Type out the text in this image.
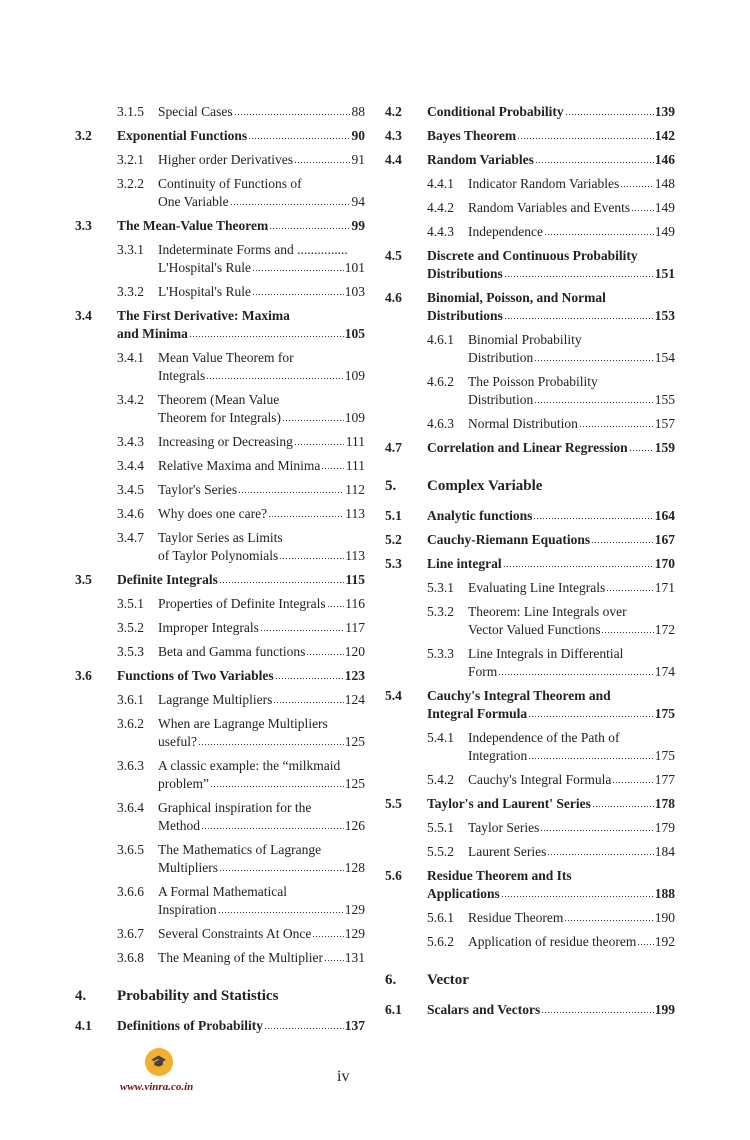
3.1.5 Special Cases	88
3.2 Exponential Functions	90
3.2.1 Higher order Derivatives	91
3.2.2 Continuity of Functions of
One Variable	94
3.3 The Mean-Value Theorem	99
3.3.1 Indeterminate Forms and ...............
L'Hospital's Rule	101
3.3.2 L'Hospital's Rule	103
3.4 The First Derivative: Maxima
and Minima	105
3.4.1 Mean Value Theorem for
Integrals	109
3.4.2 Theorem (Mean Value
Theorem for Integrals)	109
3.4.3 Increasing or Decreasing	111
3.4.4 Relative Maxima and Minima 111
3.4.5 Taylor's Series	112
3.4.6 Why does one care?	113
3.4.7 Taylor Series as Limits
of Taylor Polynomials	113
3.5 Definite Integrals	115
3.5.1 Properties of Definite Integrals 116
3.5.2 Improper Integrals	117
3.5.3 Beta and Gamma functions	120
3.6 Functions of Two Variables	123
3.6.1 Lagrange Multipliers	124
3.6.2 When are Lagrange Multipliers
useful?	125
3.6.3 A classic example: the “milkmaid
problem”	125
3.6.4 Graphical inspiration for the
Method	126
3.6.5 The Mathematics of Lagrange
Multipliers	128
3.6.6 A Formal Mathematical
Inspiration	129
3.6.7 Several Constraints At Once 129
3.6.8 The Meaning of the Multiplier 131
4. Probability and Statistics
4.1 Definitions of Probability	137
4.2 Conditional Probability	139
4.3 Bayes Theorem	142
4.4 Random Variables	146
4.4.1 Indicator Random Variables	148
4.4.2 Random Variables and Events 149
4.4.3 Independence	149
4.5 Discrete and Continuous Probability
Distributions	151
4.6 Binomial, Poisson, and Normal
Distributions	153
4.6.1 Binomial Probability
Distribution	154
4.6.2 The Poisson Probability
Distribution	155
4.6.3 Normal Distribution	157
4.7 Correlation and Linear Regression 159
5. Complex Variable
5.1 Analytic functions	164
5.2 Cauchy-Riemann Equations	167
5.3 Line integral	170
5.3.1 Evaluating Line Integrals	171
5.3.2 Theorem: Line Integrals over
Vector Valued Functions	172
5.3.3 Line Integrals in Differential
Form	174
5.4 Cauchy's Integral Theorem and
Integral Formula	175
5.4.1 Independence of the Path of
Integration	175
5.4.2 Cauchy's Integral Formula	177
5.5 Taylor's and Laurent' Series	178
5.5.1 Taylor Series	179
5.5.2 Laurent Series	184
5.6 Residue Theorem and Its
Applications	188
5.6.1 Residue Theorem	190
5.6.2 Application of residue theorem 192
6. Vector
6.1 Scalars and Vectors	199
🎓
www.vinra.co.in
iv
